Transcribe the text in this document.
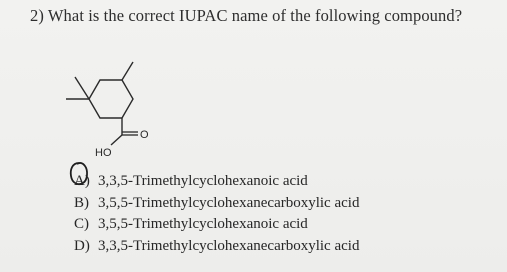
2) What is the correct IUPAC name of the following compound?
O
HO
A) 3,3,5-Trimethylcyclohexanoic acid
B) 3,5,5-Trimethylcyclohexanecarboxylic acid
C) 3,5,5-Trimethylcyclohexanoic acid
D) 3,3,5-Trimethylcyclohexanecarboxylic acid
